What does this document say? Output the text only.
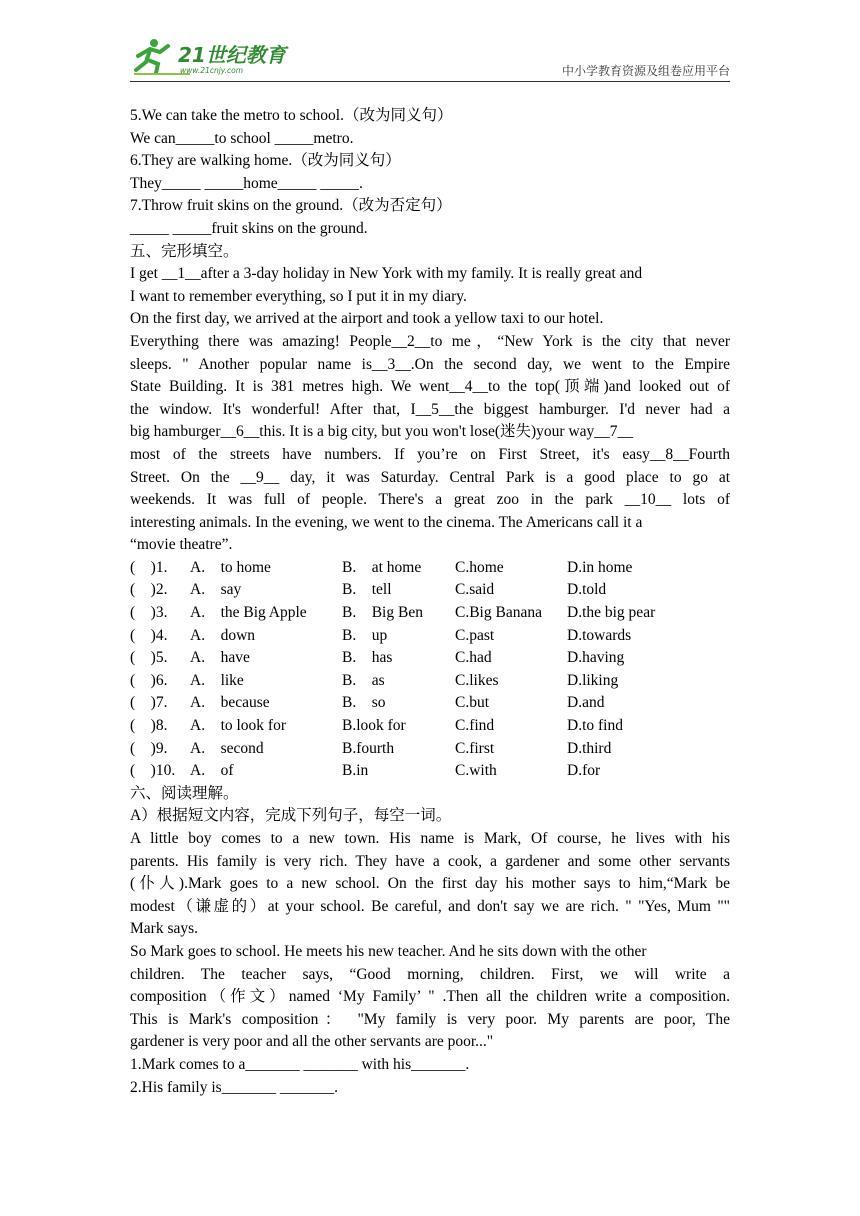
21世纪教育
www.21cnjy.com	中小学教育资源及组卷应用平台
5.We can take the metro to school.（改为同义句）
We can_____to school _____metro.
6.They are walking home.（改为同义句）
They_____ _____home_____ _____.
7.Throw fruit skins on the ground.（改为否定句）
_____ _____fruit skins on the ground.
五、完形填空。
I get __1__after a 3-day holiday in New York with my family. It is really great and
I want to remember everything, so I put it in my diary.
On the first day, we arrived at the airport and took a yellow taxi to our hotel.
Everything there was amazing! People__2__to me，“New York is the city that never
sleeps. " Another popular name is__3__.On the second day, we went to the Empire
State Building. It is 381 metres high. We went__4__to the top(顶端)and looked out of
the window. It's wonderful! After that, I__5__the biggest hamburger. I'd never had a
big hamburger__6__this. It is a big city, but you won't lose(迷失)your way__7__
most of the streets have numbers. If you’re on First Street, it's easy__8__Fourth
Street. On the __9__ day, it was Saturday. Central Park is a good place to go at
weekends. It was full of people. There's a great zoo in the park __10__ lots of
interesting animals. In the evening, we went to the cinema. The Americans call it a
“movie theatre”.
(　)1.	A.　to home	B.　at home	C.home	D.in home
(　)2.	A.　say	B.　tell	C.said	D.told
(　)3.	A.　the Big Apple	B.　Big Ben	C.Big Banana	D.the big pear
(　)4.	A.　down	B.　up	C.past	D.towards
(　)5.	A.　have	B.　has	C.had	D.having
(　)6.	A.　like	B.　as	C.likes	D.liking
(　)7.	A.　because	B.　so	C.but	D.and
(　)8.	A.　to look for	B.look for	C.find	D.to find
(　)9.	A.　second	B.fourth	C.first	D.third
(　)10. A.　of	B.in	C.with	D.for
六、阅读理解。
A）根据短文内容，完成下列句子，每空一词。
A little boy comes to a new town. His name is Mark, Of course, he lives with his
parents. His family is very rich. They have a cook, a gardener and some other servants
(仆人).Mark goes to a new school. On the first day his mother says to him,“Mark be
modest（谦虚的）at your school. Be careful, and don't say we are rich. " "Yes, Mum ""
Mark says.
So Mark goes to school. He meets his new teacher. And he sits down with the other
children. The teacher says, “Good morning, children. First, we will write a
composition（作文）named ‘My Family’ " .Then all the children write a composition.
This is Mark's composition： "My family is very poor. My parents are poor, The
gardener is very poor and all the other servants are poor..."
1.Mark comes to a_______ _______ with his_______.
2.His family is_______ _______.
